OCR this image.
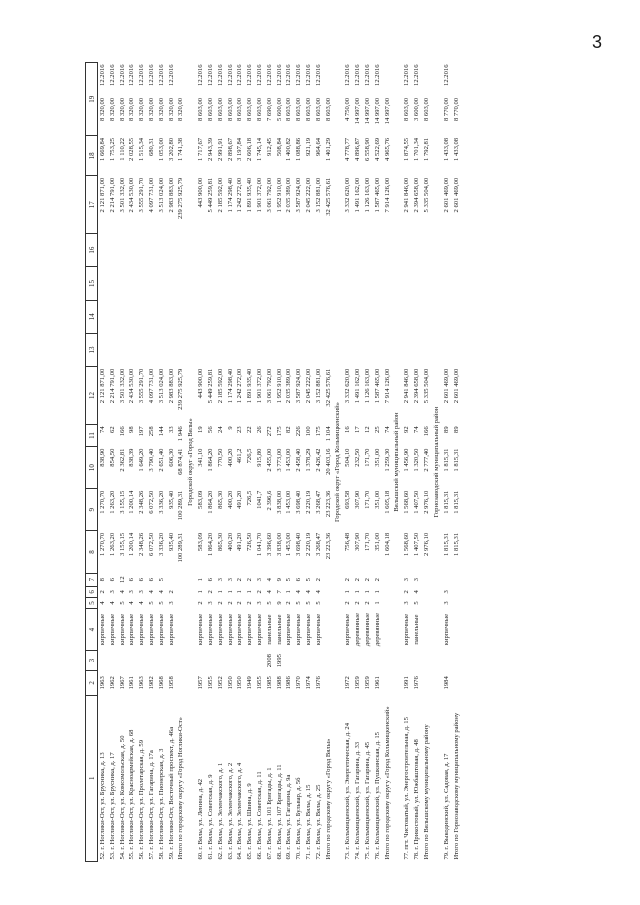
3
1	2	3	4	5	6	7	8	9	10	11	12	13	14	15	16	17	18	19	
52. г. Ноглики-Ост, ул. Брусника, д. 13	1963		кирпичные	4	2	8	1 270,70	1 270,70	838,90	74	2 121 871,00					2 121 871,00	1 669,84	8 320,00	12.2016
53. г. Ноглики-Ост, ул. Брусника, д. 17	1962		кирпичные	4	3	6	1 263,20	1 263,20	854,50	62	2 214 791,00					2 214 791,00	1 753,25	8 320,00	12.2016
54. г. Ноглики-Ост, ул. Комсомольская, д. 50	1967		кирпичные	5	4	12	3 155,15	3 155,15	2 362,81	166	3 501 332,00					3 501 332,00	1 110,22	8 320,00	12.2016
55. г. Ноглики-Ост, ул. Красноармейская, д. 68	1961		кирпичные	4	3	6	1 200,14	1 200,14	838,39	98	2 434 530,00					2 434 530,00	2 028,55	8 320,00	12.2016
56. г. Ноглики-Ост, ул. Пролетарская, д. 59	1963		кирпичные	4	3	6	2 348,26	2 348,26	1 649,20	197	3 555 291,70					3 555 291,70	1 515,34	8 320,00	12.2016
57. г. Ноглики-Ост, ул. Гагарина, д. 17а	1982		кирпичные	5	4	6	6 072,50	6 072,50	3 790,40	258	4 097 731,00					4 097 731,00	680,31	8 320,00	12.2016
58. г. Ноглики-Ост, ул. Пионерская, д. 3	1968		кирпичные	5	4	5	3 336,20	3 336,20	2 651,40	144	3 513 024,00					3 513 024,00	1 053,00	8 320,00	12.2016
59. г. Ноглики-Ост, Восточный проспект, д. 46а	1958		кирпичные	3	2		935,40	935,40	606,30	33	2 983 883,00					2 983 883,00	3 202,80	8 320,00	12.2016
Итого по городскому округу «Город Ноглики-Ост»							100 289,31	100 289,31	68 874,41	1 946	239 275 925,79					239 275 925,79	1 741,38	8 320,00	
Городской округ «Город Вялы»																			
60. г. Вялы, ул. Ленина, д. 42	1957		кирпичные	2	1	1	583,09	583,09	341,10	19	443 900,00					443 900,00	1 717,67	8 603,00	12.2016
61. г. Вялы, ул. Советская, д. 9	1955		кирпичные	3	2	6	1 864,20	1 864,20	1 864,20	56	5 449 259,81					5 449 259,81	2 943,39	8 603,00	12.2016
62. г. Вялы, ул. Зеленчакского, д. 1	1952		кирпичные	2	1	3	865,30	865,30	770,50	24	2 185 592,00					2 185 592,00	2 991,91	8 603,00	12.2016
63. г. Вялы, ул. Зеленчакского, д. 2	1950		кирпичные	2	1	3	400,20	400,20	400,20	9	1 174 298,40					1 174 298,40	2 898,67	8 603,00	12.2016
64. г. Вялы, ул. Зеленчакского, д. 4	1950		кирпичные	2	1	2	491,20	491,20	461,2	23	1 242 272,00					1 242 272,00	3 197,84	8 603,00	12.2016
65. г. Вялы, ул. Швина, д. 9	1949		кирпичные	2	1	2	726,50	726,5	726,5	22	1 891 935,40					1 891 935,40	2 606,18	8 603,00	12.2016
66. г. Вялы, ул. Советская, д. 11	1955		кирпичные	3	2	3	1 041,70	1041,7	915,80	26	1 901 372,00					1 901 372,00	1 745,14	8 603,00	12.2016
67. г. Вялы, ул. 101 Бригады, д. 1	1985	2008	панельные	5	4	4	3 396,60	2 396,6	2 455,00	272	3 061 792,00					3 061 792,00	912,45	7 690,00	12.2016
68. г. Вялы, ул. 107 Бригады, д. 11	1988	1995	панельные	9	7	9	3 838,00	3 838,00	3 773,00	175	1 952 910,00					1 952 910,00	508,84	5 600,00	12.2016
69. г. Вялы, ул. Гагарина, д. 9а	1986		кирпичные	2	1	5	1 453,00	1 453,00	1 453,00	82	2 035 389,00					2 035 389,00	1 400,82	8 603,00	12.2016
70. г. Вялы, ул. Бульвар, д. 5б	1970		кирпичные	5	4	6	3 698,40	3 698,40	2 458,40	226	3 587 924,00					3 587 924,00	1 088,86	8 603,00	12.2016
71. г. Вялы, ул. Вялы, д. 15	1974		кирпичные	5	4	5	2 220,19	2 220,19	1 378,29	100	2 045 222,00					2 045 222,00	921,19	8 603,00	12.2016
72. г. Вялы, ул. Вялы, д. 25	1976		кирпичные	5	4	2	3 268,47	3 268,47	2 426,42	175	3 152 881,00					3 152 881,00	964,64	8 603,00	12.2016
Итого по городскому округу «Город Вялы»							23 223,36	23 223,36	20 403,16	1 104	32 425 576,61					32 425 576,61	1 401,29	8 603,00	
Городской округ «Город Кольмицкенский»																			
73. г. Кольмицкенский, ул. Энергетическая, д. 24	1972		кирпичные	2	1	2	756,48	693,58	504,10	16	3 332 620,00					3 332 620,00	4 778,77	4 750,00	12.2016
74. г. Кольмицкенский, ул. Гагарина, д. 33	1959		деревянные	2	1	2	307,90	307,90	232,50	17	1 491 162,00					1 491 162,00	4 896,87	14 997,00	12.2016
75. г. Кольмицкенский, ул. Гагарина, д. 45	1959		деревянные	2	1	2	171,70	171,70	171,70	12	1 126 163,00					1 126 163,00	6 558,90	14 997,00	12.2016
76. г. Кольмицкенский, ул. Пушкинская, д. 15	1961		деревянные	1	1	2	351,00	351,00	351,00	25	1 587 465,00					1 587 465,00	4 522,69	14 997,00	12.2016
Итого по городскому округу «Город Кольмицкенский»							1 604,18	1 605,18	1 259,30	74	7 914 126,00					7 914 126,00	4 965,76	14 997,00	
Вялышский муниципальный район																			
77. пгт. Чистоватый, ул. Энергостроительная, д. 15	1991		кирпичные	3	2	3	1 568,60	1 568,60	1 456,90	92	2 941 846,00					2 941 846,00	1 874,55	8 603,00	12.2016
78. г. Прикостовый, ул. Южбаштовая, д. 48	1976		панельные	5	4	3	1 407,50	1 407,50	1 320,50	74	2 394 658,00					2 394 658,00	1 701,34	3 600,00	12.2016
Итого по Вялышскому муниципальному району							2 976,10	2 976,10	2 777,40	166	5 335 504,00					5 335 504,00	1 792,81	8 603,00	
Горнозаводский муниципальный район																			
79. г. Выкодинский, ул. Садовая, д. 17	1984		кирпичные	3	3		1 815,31	1 815,31	1 815,31	89	2 601 469,00					2 601 469,00	1 433,08	8 770,00	12.2016
Итого по Горнозаводскому муниципальному району							1 815,31	1 815,31	1 815,31	89	2 601 469,00					2 601 469,00	1 433,08	8 770,00	
